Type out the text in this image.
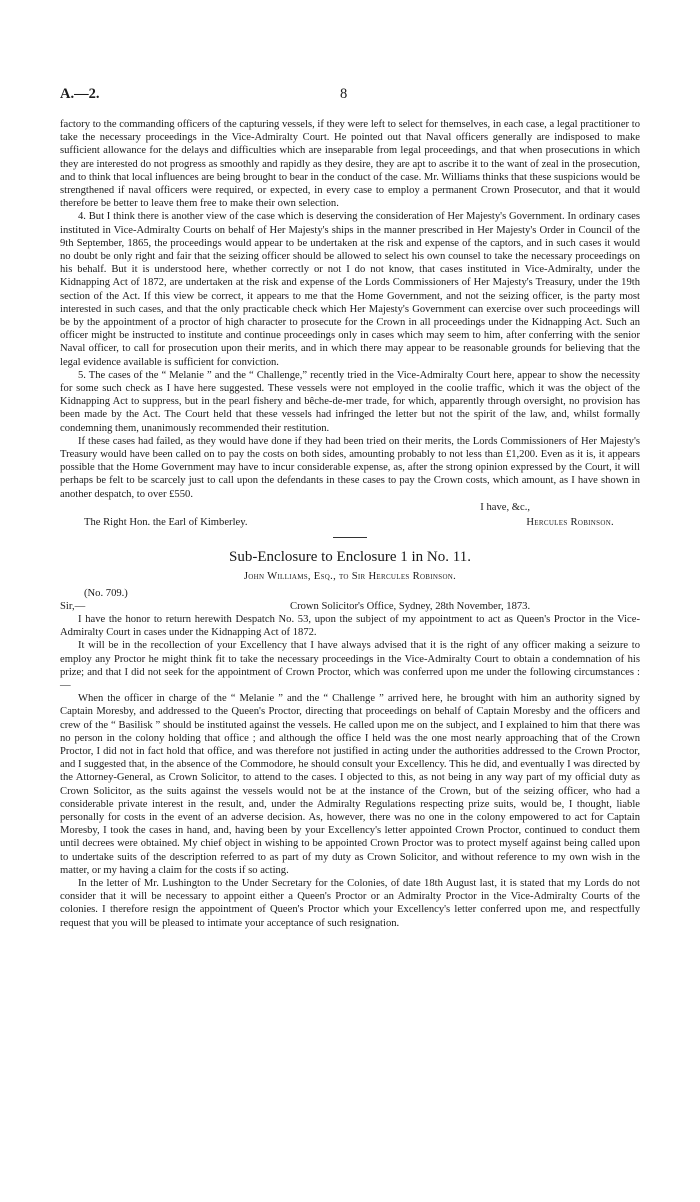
A.—2.	8

factory to the commanding officers of the capturing vessels, if they were left to select for themselves, in each case, a legal practitioner to take the necessary proceedings in the Vice-Admiralty Court. He pointed out that Naval officers generally are indisposed to make sufficient allowance for the delays and difficulties which are inseparable from legal proceedings, and that when prosecutions in which they are interested do not progress as smoothly and rapidly as they desire, they are apt to ascribe it to the want of zeal in the prosecution, and to think that local influences are being brought to bear in the conduct of the case. Mr. Williams thinks that these suspicions would be strengthened if naval officers were required, or expected, in every case to employ a permanent Crown Prosecutor, and that it would therefore be better to leave them free to make their own selection.

4. But I think there is another view of the case which is deserving the consideration of Her Majesty's Government. In ordinary cases instituted in Vice-Admiralty Courts on behalf of Her Majesty's ships in the manner prescribed in Her Majesty's Order in Council of the 9th September, 1865, the proceedings would appear to be undertaken at the risk and expense of the captors, and in such cases it would no doubt be only right and fair that the seizing officer should be allowed to select his own counsel to take the necessary proceedings on his behalf. But it is understood here, whether correctly or not I do not know, that cases instituted in Vice-Admiralty, under the Kidnapping Act of 1872, are undertaken at the risk and expense of the Lords Commissioners of Her Majesty's Treasury, under the 19th section of the Act. If this view be correct, it appears to me that the Home Government, and not the seizing officer, is the party most interested in such cases, and that the only practicable check which Her Majesty's Government can exercise over such proceedings will be by the appointment of a proctor of high character to prosecute for the Crown in all proceedings under the Kidnapping Act. Such an officer might be instructed to institute and continue proceedings only in cases which may seem to him, after conferring with the senior Naval officer, to call for prosecution upon their merits, and in which there may appear to be reasonable grounds for believing that the legal evidence available is sufficient for conviction.

5. The cases of the “ Melanie ” and the “ Challenge,” recently tried in the Vice-Admiralty Court here, appear to show the necessity for some such check as I have here suggested. These vessels were not employed in the coolie traffic, which it was the object of the Kidnapping Act to suppress, but in the pearl fishery and bêche-de-mer trade, for which, apparently through oversight, no provision has been made by the Act. The Court held that these vessels had infringed the letter but not the spirit of the law, and, whilst formally condemning them, unanimously recommended their restitution.

If these cases had failed, as they would have done if they had been tried on their merits, the Lords Commissioners of Her Majesty's Treasury would have been called on to pay the costs on both sides, amounting probably to not less than £1,200. Even as it is, it appears possible that the Home Government may have to incur considerable expense, as, after the strong opinion expressed by the Court, it will perhaps be felt to be scarcely just to call upon the defendants in these cases to pay the Crown costs, which amount, as I have shown in another despatch, to over £550.

I have, &c.,
The Right Hon. the Earl of Kimberley.	Hercules Robinson.
Sub-Enclosure to Enclosure 1 in No. 11.
John Williams, Esq., to Sir Hercules Robinson.
(No. 709.)
Sir,—	Crown Solicitor's Office, Sydney, 28th November, 1873.

I have the honor to return herewith Despatch No. 53, upon the subject of my appointment to act as Queen's Proctor in the Vice-Admiralty Court in cases under the Kidnapping Act of 1872.

It will be in the recollection of your Excellency that I have always advised that it is the right of any officer making a seizure to employ any Proctor he might think fit to take the necessary proceedings in the Vice-Admiralty Court to obtain a condemnation of his prize; and that I did not seek for the appointment of Crown Proctor, which was conferred upon me under the following circumstances :—

When the officer in charge of the “ Melanie ” and the “ Challenge ” arrived here, he brought with him an authority signed by Captain Moresby, and addressed to the Queen's Proctor, directing that proceedings on behalf of Captain Moresby and the officers and crew of the “ Basilisk ” should be instituted against the vessels. He called upon me on the subject, and I explained to him that there was no person in the colony holding that office ; and although the office I held was the one most nearly approaching that of the Crown Proctor, I did not in fact hold that office, and was therefore not justified in acting under the authorities addressed to the Crown Proctor, and I suggested that, in the absence of the Commodore, he should consult your Excellency. This he did, and eventually I was directed by the Attorney-General, as Crown Solicitor, to attend to the cases. I objected to this, as not being in any way part of my official duty as Crown Solicitor, as the suits against the vessels would not be at the instance of the Crown, but of the seizing officer, who had a considerable private interest in the result, and, under the Admiralty Regulations respecting prize suits, would be, I thought, liable personally for costs in the event of an adverse decision. As, however, there was no one in the colony empowered to act for Captain Moresby, I took the cases in hand, and, having been by your Excellency's letter appointed Crown Proctor, continued to conduct them until decrees were obtained. My chief object in wishing to be appointed Crown Proctor was to protect myself against being called upon to undertake suits of the description referred to as part of my duty as Crown Solicitor, and without reference to my own wish in the matter, or my having a claim for the costs if so acting.

In the letter of Mr. Lushington to the Under Secretary for the Colonies, of date 18th August last, it is stated that my Lords do not consider that it will be necessary to appoint either a Queen's Proctor or an Admiralty Proctor in the Vice-Admiralty Courts of the colonies. I therefore resign the appointment of Queen's Proctor which your Excellency's letter conferred upon me, and respectfully request that you will be pleased to intimate your acceptance of such resignation.
